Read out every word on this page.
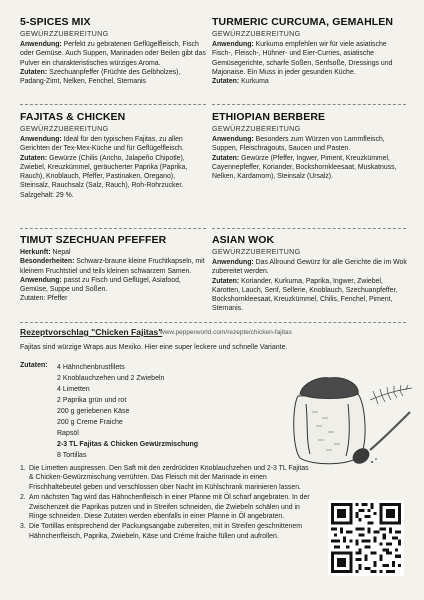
5-SPICES MIX
GEWÜRZZUBEREITUNG
Anwendung: Perfekt zu gebratenen Geflügelfleisch, Fisch oder Gemüse. Auch Suppen, Marinaden oder Beilen gibt das Pulver ein charakteristisches würziges Aroma.
Zutaten: Szechuanpfeffer (Früchte des Gelbholzes), Padang-Zimt, Nelken, Fenchel, Sternanis
TURMERIC CURCUMA, GEMAHLEN
GEWÜRZZUBEREITUNG
Anwendung: Kurkuma empfehlen wir für viele asiatische Fisch-, Fleisch-, Hühner- und Eier-Curries, asiatische Gemüsegerichte, scharfe Soßen, Senfsoße, Dressings und Majonaise. Ein Muss in jeder gesunden Küche.
Zutaten: Kurkuma
FAJITAS & CHICKEN
GEWÜRZZUBEREITUNG
Anwendung: Ideal für den typischen Fajitas, zu allen Gerichten der Tex-Mex-Küche und für Geflügelfleisch.
Zutaten: Gewürze (Chilis (Ancho, Jalapeño Chipotle), Zwiebel, Kreuzkümmel, geräucherter Paprika (Paprika, Rauch), Knoblauch, Pfeffer, Pastinaken, Oregano), Steinsalz, Rauchsalz (Salz, Rauch), Roh-Rohrzucker. Salzgehalt: 29 %.
ETHIOPIAN BERBERE
GEWÜRZZUBEREITUNG
Anwendung: Besonders zum Würzen von Lammfleisch, Suppen, Fleischragouts, Saucen und Pasten.
Zutaten: Gewürze (Pfeffer, Ingwer, Piment, Kreuzkümmel, Cayennepfeffer, Koriander, Bockshornkleesaat, Muskatnuss, Nelken, Kardamom), Steinsalz (Ursalz).
TIMUT SZECHUAN PFEFFER
Herkunft: Nepal
Besonderheiten: Schwarz-braune kleine Fruchtkapseln, mit kleinem Fruchtstiel und teils kleinen schwarzem Samen.
Anwendung: passt zu Fisch und Geflügel, Asiafood, Gemüse, Suppe und Soßen.
Zutaten: Pfeffer
ASIAN WOK
GEWÜRZZUBEREITUNG
Anwendung: Das Allround Gewürz für alle Gerichte die im Wok zubereitet werden.
Zutaten: Koriander, Kurkuma, Paprika, Ingwer, Zwiebel, Karotten, Lauch, Senf, Sellerie, Knoblauch, Szechuanpfeffer, Bockshornkleesaat, Kreuzkümmel, Chilis, Fenchel, Piment, Sternanis.
Rezeptvorschlag "Chicken Fajitas"
www.pepperworld.com/rezepte/chicken-fajitas
Fajitas sind würzige Wraps aus Mexiko. Hier eine super leckere und schnelle Variante.
Zutaten: 4 Hähnchenbrustfilets
2 Knoblauchzehen und 2 Zwiebeln
4 Limetten
2 Paprika grün und rot
200 g geriebenen Käse
200 g Creme Fraiche
Rapsöl
2-3 TL Fajitas & Chicken Gewürzmischung
8 Tortillas
1. Die Limetten auspressen. Den Saft mit den zerdrückten Knoblauchzehen und 2-3 TL Fajitas & Chicken-Gewürzmischung verrühren. Das Fleisch mit der Marinade in einen Frischhaltebeutel geben und verschlossen über Nacht im Kühlschrank marinieren lassen.
2. Am nächsten Tag wird das Hähnchenfleisch in einer Pfanne mit Öl scharf angebraten. In der Zwischenzeit die Paprikas putzen und in Streifen schneiden, die Zwiebeln schälen und in Ringe schneiden. Diese Zutaten werden ebenfalls in einer Pfanne in Öl angebraten.
3. Die Tortillas entsprechend der Packungsangabe zubereiten, mit in Streifen geschnittenem Hähnchenfleisch, Paprika, Zwiebeln, Käse und Crème fraiche füllen und aufrollen.
